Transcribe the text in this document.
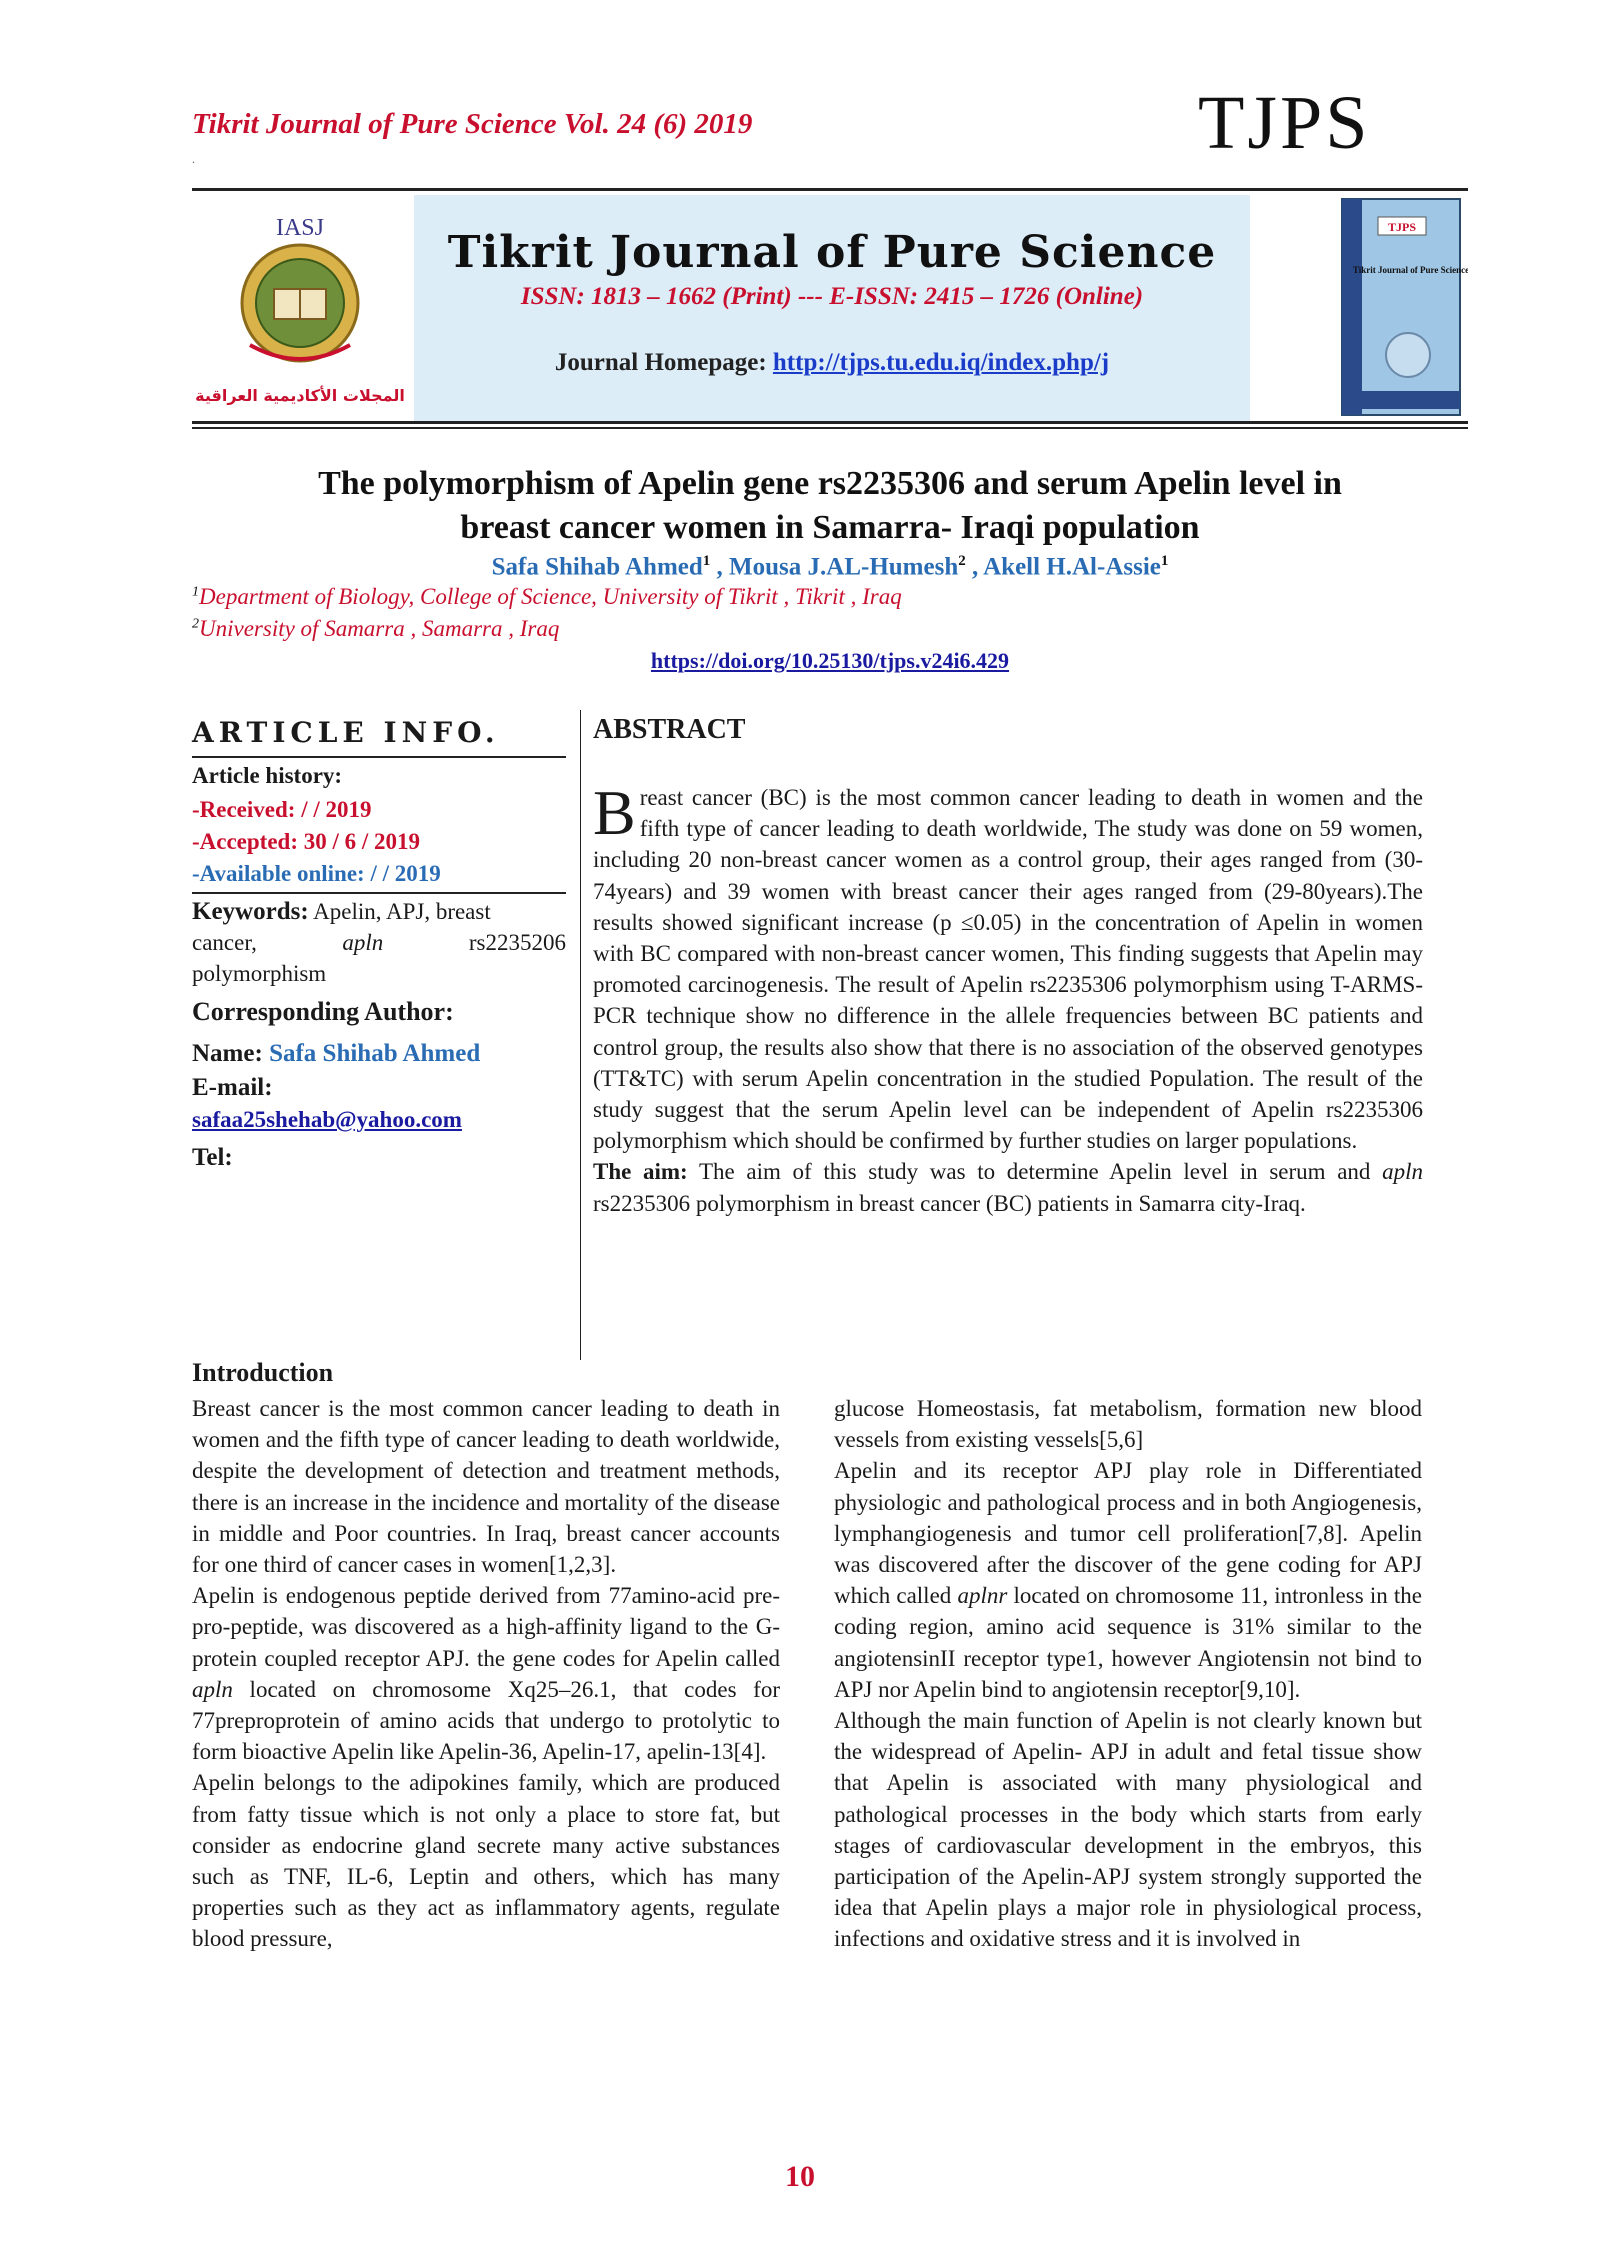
Tikrit Journal of Pure Science Vol. 24 (6) 2019
.	TJPS
IASJ
المجلات الأكاديمية العراقية
Tikrit Journal of Pure Science
ISSN: 1813 – 1662 (Print) --- E-ISSN: 2415 – 1726 (Online)
Journal Homepage: http://tjps.tu.edu.iq/index.php/j
TJPS
Tikrit Journal of Pure Science
The polymorphism of Apelin gene rs2235306 and serum Apelin level in
breast cancer women in Samarra- Iraqi population
Safa Shihab Ahmed$^1$ , Mousa J.AL-Humesh$^2$ , Akell H.Al-Assie$^1$
$^1$Department of Biology, College of Science, University of Tikrit , Tikrit , Iraq
$^2$University of Samarra , Samarra , Iraq
https://doi.org/10.25130/tjps.v24i6.429
ARTICLE INFO.
Article history:
-Received: / / 2019
-Accepted: 30 / 6 / 2019
-Available online: / / 2019
Keywords: Apelin, APJ, breast
cancer,	apln	rs2235206
polymorphism
Corresponding Author:
Name: Safa Shihab Ahmed
E-mail:
safaa25shehab@yahoo.com
Tel:
ABSTRACT
Breast cancer (BC) is the most common cancer leading to death in women and the fifth type of cancer leading to death worldwide, The study was done on 59 women, including 20 non-breast cancer women as a control group, their ages ranged from (30-74years) and 39 women with breast cancer their ages ranged from (29-80years).The results showed significant increase (p ≤0.05) in the concentration of Apelin in women with BC compared with non-breast cancer women, This finding suggests that Apelin may promoted carcinogenesis. The result of Apelin rs2235306 polymorphism using T-ARMS-PCR technique show no difference in the allele frequencies between BC patients and control group, the results also show that there is no association of the observed genotypes (TT&TC) with serum Apelin concentration in the studied Population. The result of the study suggest that the serum Apelin level can be independent of Apelin rs2235306 polymorphism which should be confirmed by further studies on larger populations.
The aim: The aim of this study was to determine Apelin level in serum and apln rs2235306 polymorphism in breast cancer (BC) patients in Samarra city-Iraq.
Introduction

Breast cancer is the most common cancer leading to death in women and the fifth type of cancer leading to death worldwide, despite the development of detection and treatment methods, there is an increase in the incidence and mortality of the disease in middle and Poor countries. In Iraq, breast cancer accounts for one third of cancer cases in women[1,2,3].

Apelin is endogenous peptide derived from 77amino-acid pre-pro-peptide, was discovered as a high-affinity ligand to the G-protein coupled receptor APJ. the gene codes for Apelin called apln located on chromosome Xq25–26.1, that codes for 77preproprotein of amino acids that undergo to protolytic to form bioactive Apelin like Apelin-36, Apelin-17, apelin-13[4].

Apelin belongs to the adipokines family, which are produced from fatty tissue which is not only a place to store fat, but consider as endocrine gland secrete many active substances such as TNF, IL-6, Leptin and others, which has many properties such as they act as inflammatory agents, regulate blood pressure,

glucose Homeostasis, fat metabolism, formation new blood vessels from existing vessels[5,6]

Apelin and its receptor APJ play role in Differentiated physiologic and pathological process and in both Angiogenesis, lymphangiogenesis and tumor cell proliferation[7,8]. Apelin was discovered after the discover of the gene coding for APJ which called aplnr located on chromosome 11, intronless in the coding region, amino acid sequence is 31% similar to the angiotensinII receptor type1, however Angiotensin not bind to APJ nor Apelin bind to angiotensin receptor[9,10].

Although the main function of Apelin is not clearly known but the widespread of Apelin- APJ in adult and fetal tissue show that Apelin is associated with many physiological and pathological processes in the body which starts from early stages of cardiovascular development in the embryos, this participation of the Apelin-APJ system strongly supported the idea that Apelin plays a major role in physiological process, infections and oxidative stress and it is involved in

10
